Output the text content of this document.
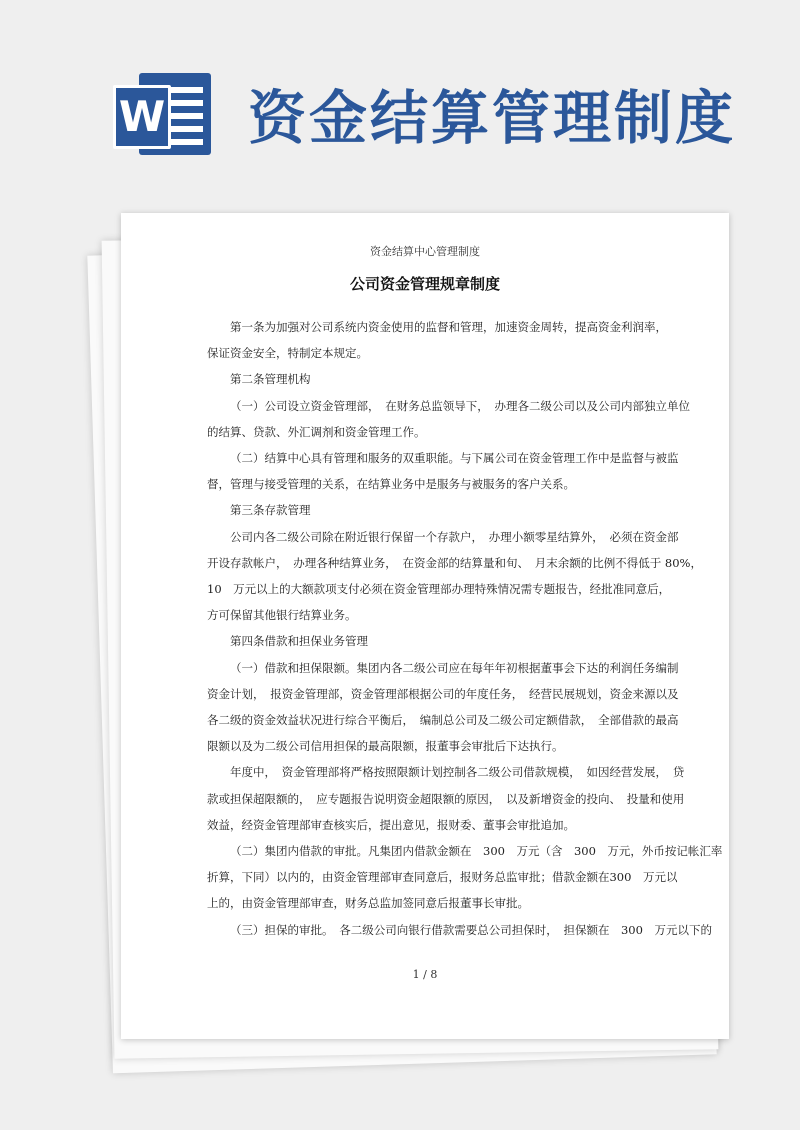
W 资金结算管理制度
资金结算中心管理制度
公司资金管理规章制度

第一条为加强对公司系统内资金使用的监督和管理，加速资金周转，提高资金利润率，

保证资金安全，特制定本规定。

第二条管理机构

（一）公司设立资金管理部，　在财务总监领导下，　办理各二级公司以及公司内部独立单位

的结算、贷款、外汇调剂和资金管理工作。

（二）结算中心具有管理和服务的双重职能。与下属公司在资金管理工作中是监督与被监

督，管理与接受管理的关系，在结算业务中是服务与被服务的客户关系。

第三条存款管理

公司内各二级公司除在附近银行保留一个存款户，　办理小额零星结算外，　必须在资金部

开设存款帐户，　办理各种结算业务，　在资金部的结算量和旬、　月末余额的比例不得低于 80%，

10　万元以上的大额款项支付必须在资金管理部办理特殊情况需专题报告，经批准同意后，

方可保留其他银行结算业务。

第四条借款和担保业务管理

（一）借款和担保限额。集团内各二级公司应在每年年初根据董事会下达的利润任务编制

资金计划，　报资金管理部，资金管理部根据公司的年度任务，　经营民展规划，资金来源以及

各二级的资金效益状况进行综合平衡后，　编制总公司及二级公司定额借款，　全部借款的最高

限额以及为二级公司信用担保的最高限额，报董事会审批后下达执行。

年度中，　资金管理部将严格按照限额计划控制各二级公司借款规模，　如因经营发展，　贷

款或担保超限额的，　应专题报告说明资金超限额的原因，　以及新增资金的投向、　投量和使用

效益，经资金管理部审查核实后，提出意见，报财委、董事会审批追加。

（二）集团内借款的审批。凡集团内借款金额在　300　万元（含　300　万元，外币按记帐汇率

折算，下同）以内的，由资金管理部审查同意后，报财务总监审批；借款金额在300　万元以

上的，由资金管理部审查，财务总监加签同意后报董事长审批。

（三）担保的审批。　各二级公司向银行借款需要总公司担保时，　担保额在　300　万元以下的

1 / 8
